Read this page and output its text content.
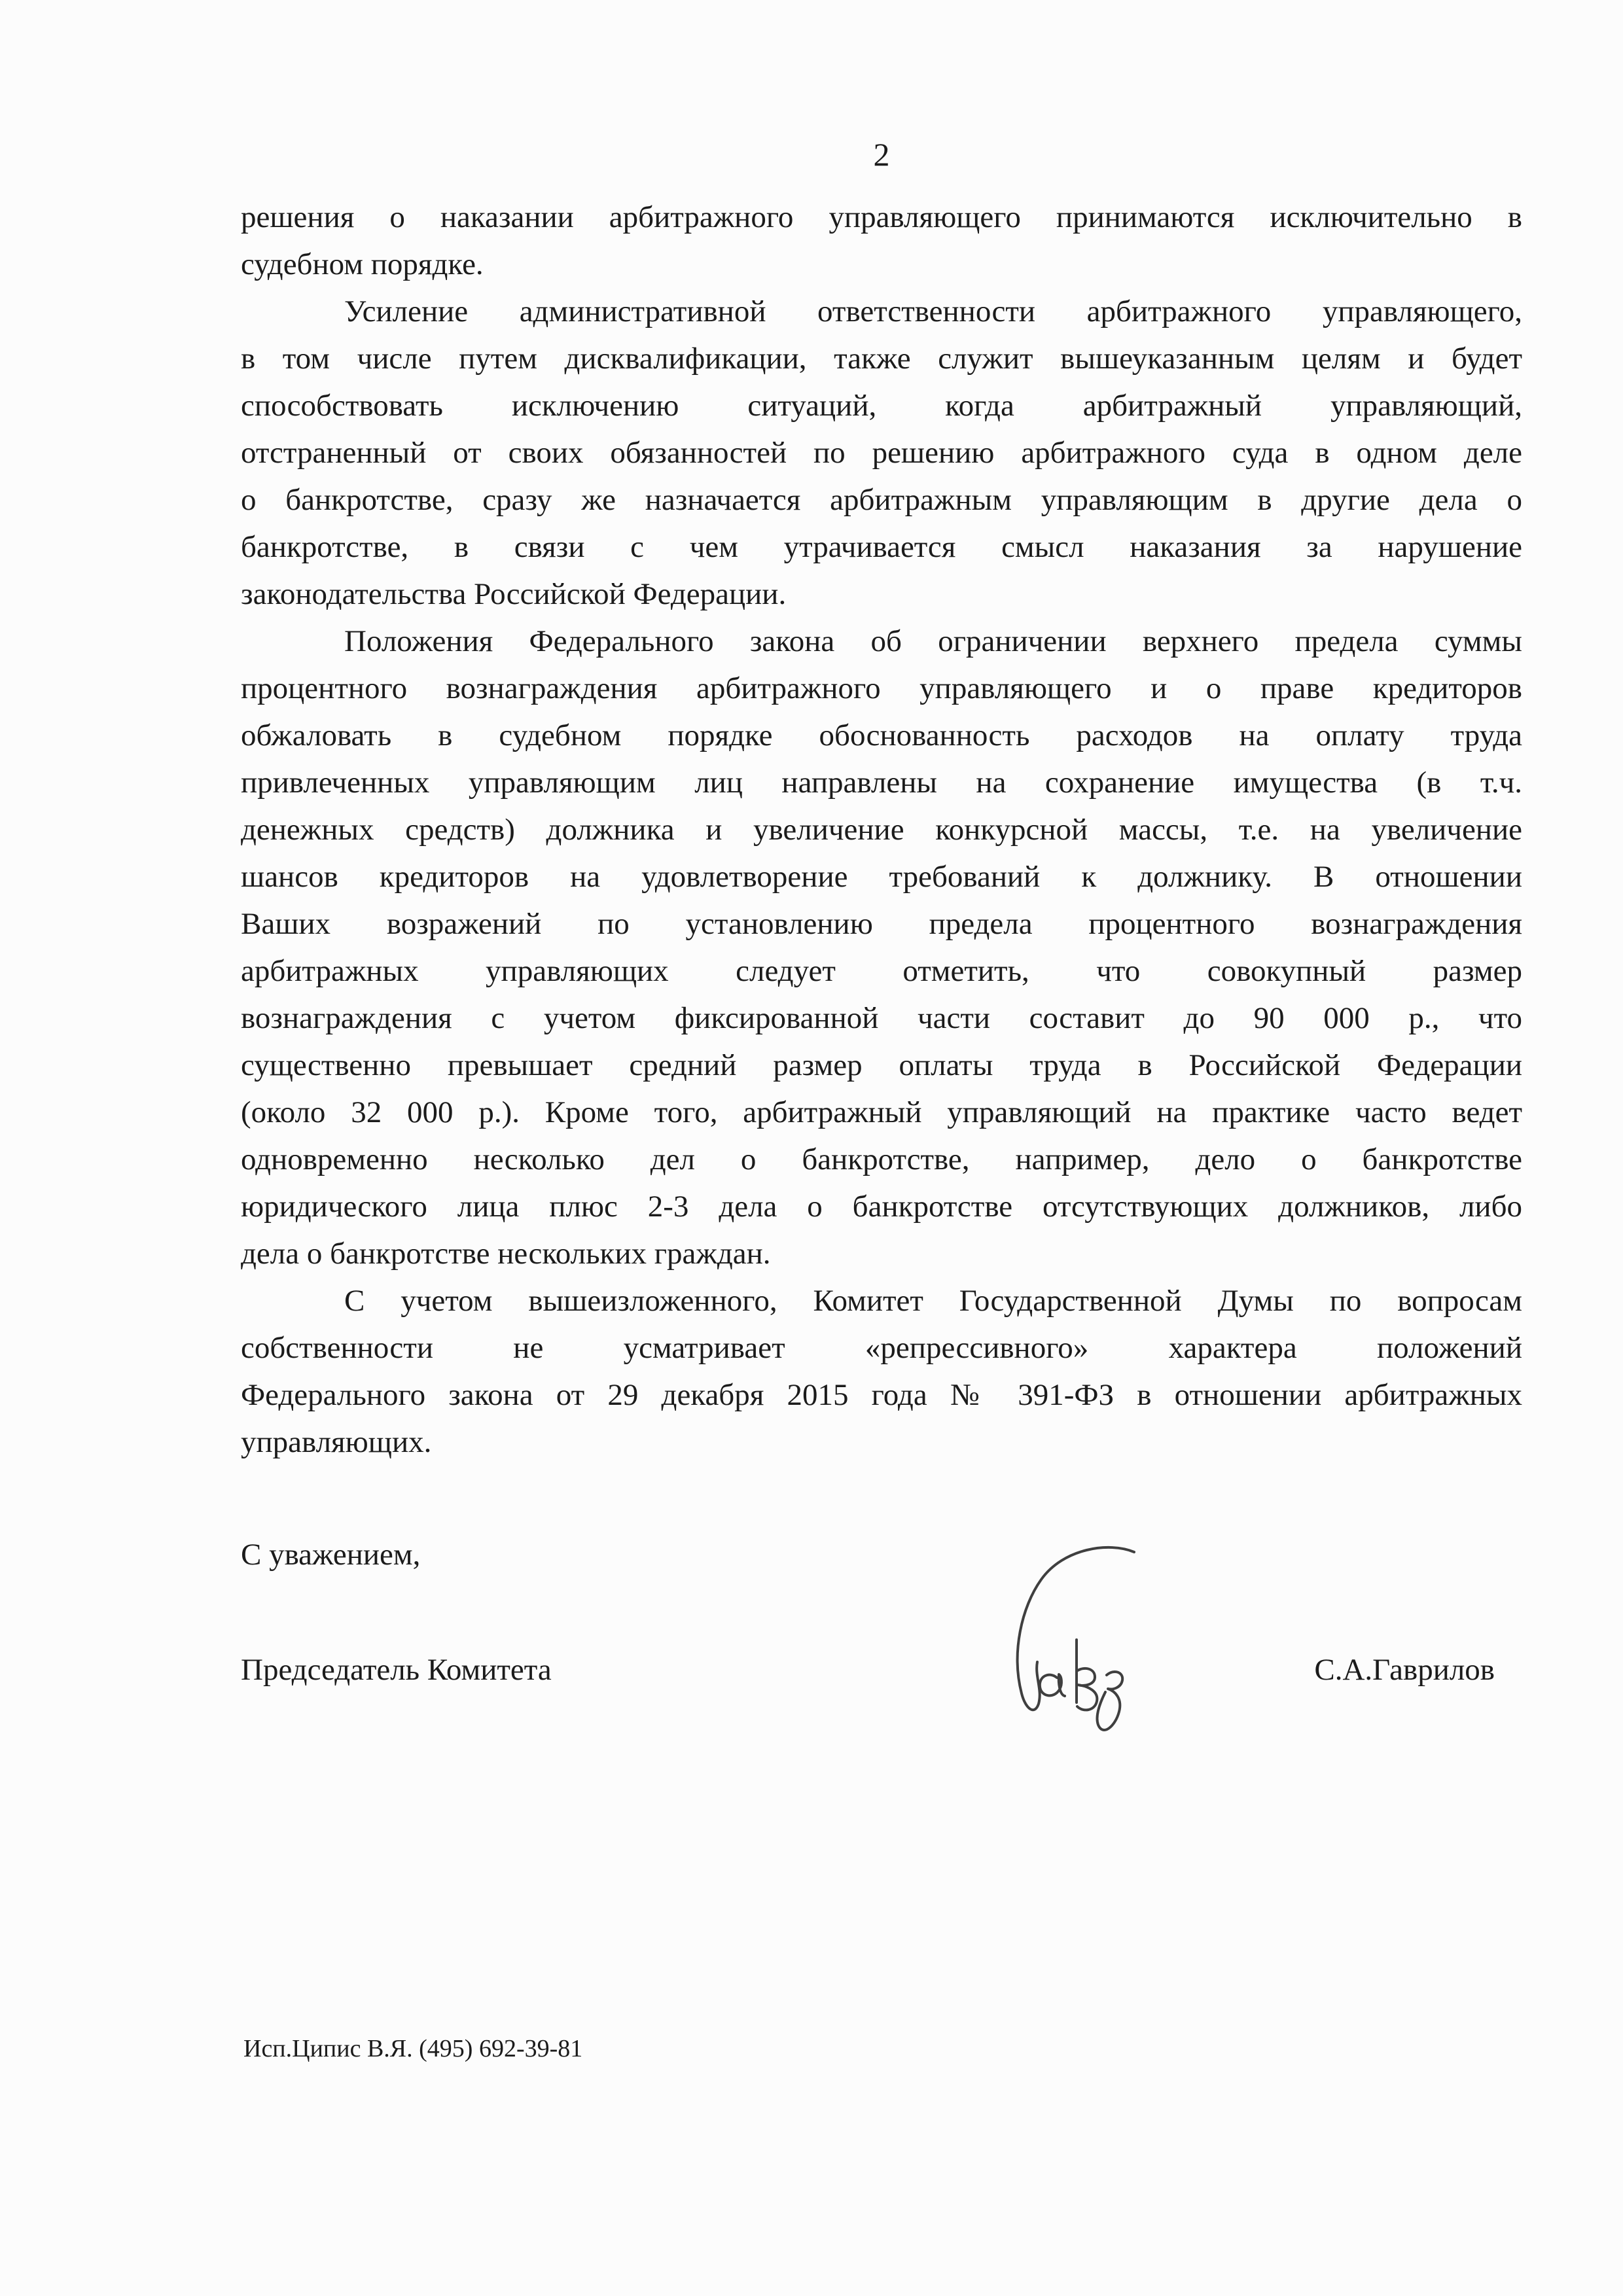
2
решения о наказании арбитражного управляющего принимаются исключительно в
судебном порядке.
Усиление административной ответственности арбитражного управляющего,
в том числе путем дисквалификации, также служит вышеуказанным целям и будет
способствовать исключению ситуаций, когда арбитражный управляющий,
отстраненный от своих обязанностей по решению арбитражного суда в одном деле
о банкротстве, сразу же назначается арбитражным управляющим в другие дела о
банкротстве, в связи с чем утрачивается смысл наказания за нарушение
законодательства Российской Федерации.
Положения Федерального закона об ограничении верхнего предела суммы
процентного вознаграждения арбитражного управляющего и о праве кредиторов
обжаловать в судебном порядке обоснованность расходов на оплату труда
привлеченных управляющим лиц направлены на сохранение имущества (в т.ч.
денежных средств) должника и увеличение конкурсной массы, т.е. на увеличение
шансов кредиторов на удовлетворение требований к должнику. В отношении
Ваших возражений по установлению предела процентного вознаграждения
арбитражных управляющих следует отметить, что совокупный размер
вознаграждения с учетом фиксированной части составит до 90 000 р., что
существенно превышает средний размер оплаты труда в Российской Федерации
(около 32 000 р.). Кроме того, арбитражный управляющий на практике часто ведет
одновременно несколько дел о банкротстве, например, дело о банкротстве
юридического лица плюс 2-3 дела о банкротстве отсутствующих должников, либо
дела о банкротстве нескольких граждан.
С учетом вышеизложенного, Комитет Государственной Думы по вопросам
собственности не усматривает «репрессивного» характера положений
Федерального закона от 29 декабря 2015 года № 391-ФЗ в отношении арбитражных
управляющих.
С уважением,
Председатель Комитета	С.А.Гаврилов
Исп.Ципис В.Я. (495) 692-39-81
